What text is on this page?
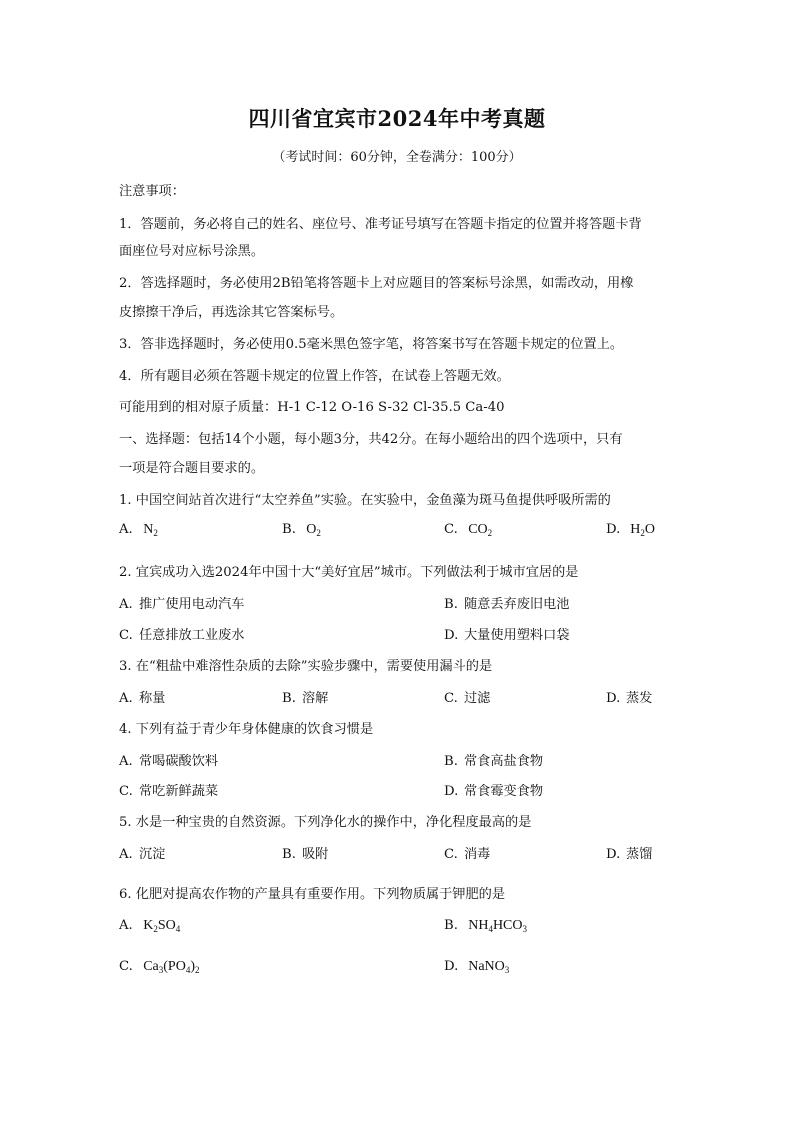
四川省宜宾市2024年中考真题
（考试时间：60分钟，全卷满分：100分）
注意事项：
1．答题前，务必将自己的姓名、座位号、准考证号填写在答题卡指定的位置并将答题卡背
面座位号对应标号涂黑。
2．答选择题时，务必使用2B铅笔将答题卡上对应题目的答案标号涂黑，如需改动，用橡
皮擦擦干净后，再选涂其它答案标号。
3．答非选择题时，务必使用0.5毫米黑色签字笔，将答案书写在答题卡规定的位置上。
4．所有题目必须在答题卡规定的位置上作答，在试卷上答题无效。
可能用到的相对原子质量：H-1 C-12 O-16 S-32 Cl-35.5 Ca-40
一、选择题：包括14个小题，每小题3分，共42分。在每小题给出的四个选项中，只有
一项是符合题目要求的。
1. 中国空间站首次进行“太空养鱼”实验。在实验中，金鱼藻为斑马鱼提供呼吸所需的
A. $N_2$	B. $O_2$	C. $CO_2$	D. $H_2O$
2. 宜宾成功入选2024年中国十大“美好宜居”城市。下列做法利于城市宜居的是
A. 推广使用电动汽车	B. 随意丢弃废旧电池
C. 任意排放工业废水	D. 大量使用塑料口袋
3. 在“粗盐中难溶性杂质的去除”实验步骤中，需要使用漏斗的是
A. 称量	B. 溶解	C. 过滤	D. 蒸发
4. 下列有益于青少年身体健康的饮食习惯是
A. 常喝碳酸饮料	B. 常食高盐食物
C. 常吃新鲜蔬菜	D. 常食霉变食物
5. 水是一种宝贵的自然资源。下列净化水的操作中，净化程度最高的是
A. 沉淀	B. 吸附	C. 消毒	D. 蒸馏
6. 化肥对提高农作物的产量具有重要作用。下列物质属于钾肥的是
A. $K_2SO_4$	B. $NH_4HCO_3$
C. $Ca_3(PO_4)_2$	D. NaNO$_3$
